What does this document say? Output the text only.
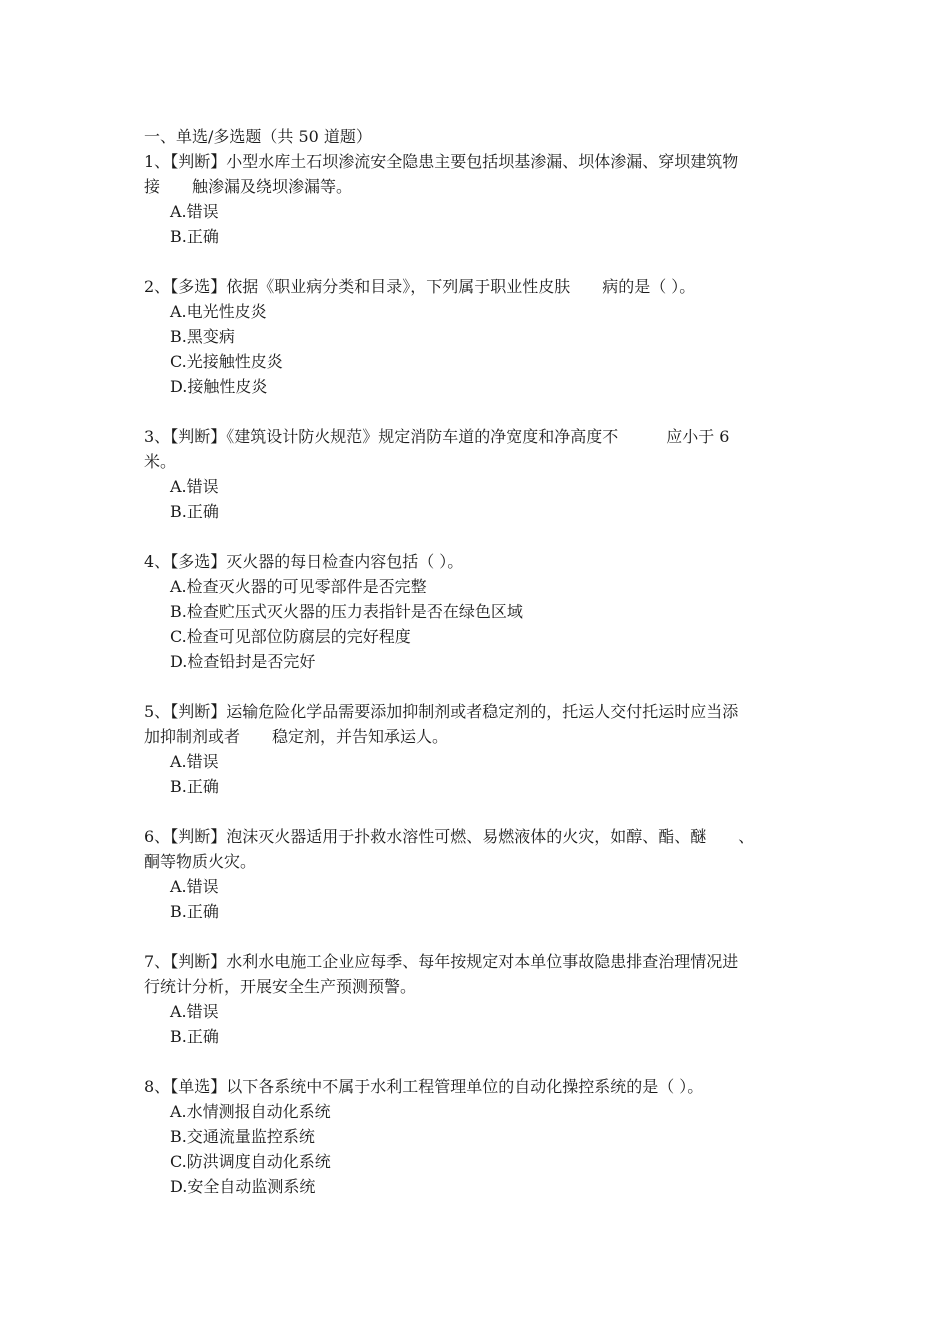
一、单选/多选题（共 50 道题）
1、【判断】小型水库土石坝渗流安全隐患主要包括坝基渗漏、坝体渗漏、穿坝建筑物
接　　触渗漏及绕坝渗漏等。
A.错误
B.正确
2、【多选】依据《职业病分类和目录》，下列属于职业性皮肤　　病的是（ ）。
A.电光性皮炎
B.黑变病
C.光接触性皮炎
D.接触性皮炎
3、【判断】《建筑设计防火规范》规定消防车道的净宽度和净高度不　　　应小于 6
米。
A.错误
B.正确
4、【多选】灭火器的每日检查内容包括（ ）。
A.检查灭火器的可见零部件是否完整
B.检查贮压式灭火器的压力表指针是否在绿色区域
C.检查可见部位防腐层的完好程度
D.检查铅封是否完好
5、【判断】运输危险化学品需要添加抑制剂或者稳定剂的，托运人交付托运时应当添
加抑制剂或者　　稳定剂，并告知承运人。
A.错误
B.正确
6、【判断】泡沫灭火器适用于扑救水溶性可燃、易燃液体的火灾，如醇、酯、醚　　、
酮等物质火灾。
A.错误
B.正确
7、【判断】水利水电施工企业应每季、每年按规定对本单位事故隐患排查治理情况进
行统计分析，开展安全生产预测预警。
A.错误
B.正确
8、【单选】以下各系统中不属于水利工程管理单位的自动化操控系统的是（ ）。
A.水情测报自动化系统
B.交通流量监控系统
C.防洪调度自动化系统
D.安全自动监测系统
